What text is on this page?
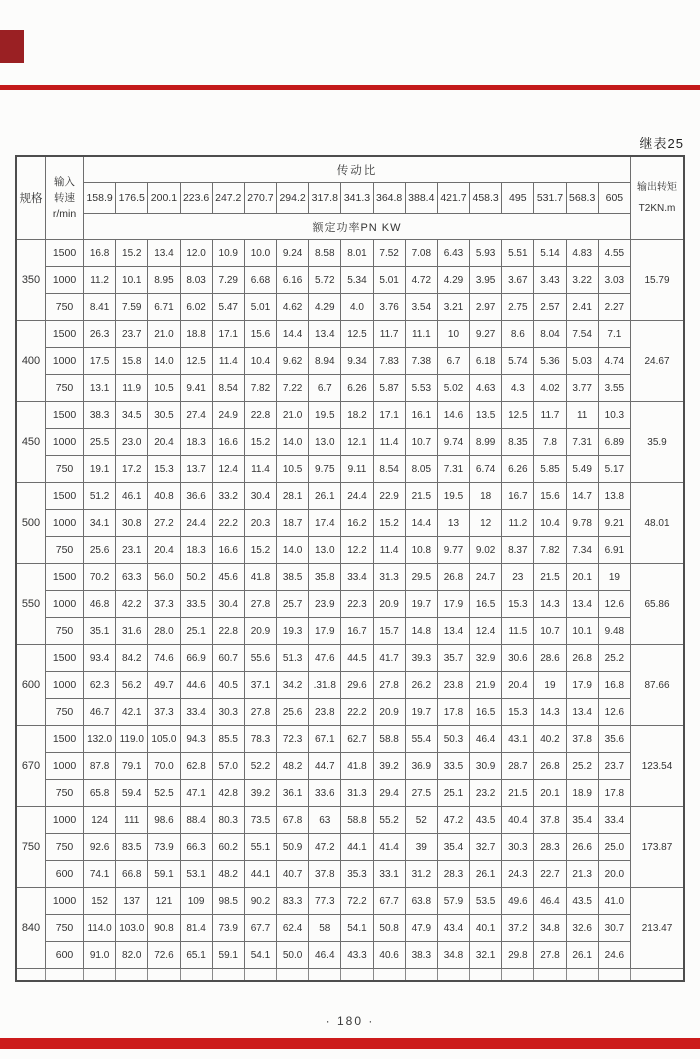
继表25
规格	输入
转速
r/min	传动比																	输出转矩
T2KN.m

		158.9	176.5	200.1	223.6	247.2	270.7	294.2	317.8	341.3	364.8	388.4	421.7	458.3	495	531.7	568.3	605	
		额定功率PN KW																	
350	1500	16.8	15.2	13.4	12.0	10.9	10.0	9.24	8.58	8.01	7.52	7.08	6.43	5.93	5.51	5.14	4.83	4.55	15.79
	1000	11.2	10.1	8.95	8.03	7.29	6.68	6.16	5.72	5.34	5.01	4.72	4.29	3.95	3.67	3.43	3.22	3.03	
	750	8.41	7.59	6.71	6.02	5.47	5.01	4.62	4.29	4.0	3.76	3.54	3.21	2.97	2.75	2.57	2.41	2.27	
400	1500	26.3	23.7	21.0	18.8	17.1	15.6	14.4	13.4	12.5	11.7	11.1	10	9.27	8.6	8.04	7.54	7.1	24.67
	1000	17.5	15.8	14.0	12.5	11.4	10.4	9.62	8.94	9.34	7.83	7.38	6.7	6.18	5.74	5.36	5.03	4.74	
	750	13.1	11.9	10.5	9.41	8.54	7.82	7.22	6.7	6.26	5.87	5.53	5.02	4.63	4.3	4.02	3.77	3.55	
450	1500	38.3	34.5	30.5	27.4	24.9	22.8	21.0	19.5	18.2	17.1	16.1	14.6	13.5	12.5	11.7	11	10.3	35.9
	1000	25.5	23.0	20.4	18.3	16.6	15.2	14.0	13.0	12.1	11.4	10.7	9.74	8.99	8.35	7.8	7.31	6.89	
	750	19.1	17.2	15.3	13.7	12.4	11.4	10.5	9.75	9.11	8.54	8.05	7.31	6.74	6.26	5.85	5.49	5.17	
500	1500	51.2	46.1	40.8	36.6	33.2	30.4	28.1	26.1	24.4	22.9	21.5	19.5	18	16.7	15.6	14.7	13.8	48.01
	1000	34.1	30.8	27.2	24.4	22.2	20.3	18.7	17.4	16.2	15.2	14.4	13	12	11.2	10.4	9.78	9.21	
	750	25.6	23.1	20.4	18.3	16.6	15.2	14.0	13.0	12.2	11.4	10.8	9.77	9.02	8.37	7.82	7.34	6.91	
550	1500	70.2	63.3	56.0	50.2	45.6	41.8	38.5	35.8	33.4	31.3	29.5	26.8	24.7	23	21.5	20.1	19	65.86
	1000	46.8	42.2	37.3	33.5	30.4	27.8	25.7	23.9	22.3	20.9	19.7	17.9	16.5	15.3	14.3	13.4	12.6	
	750	35.1	31.6	28.0	25.1	22.8	20.9	19.3	17.9	16.7	15.7	14.8	13.4	12.4	11.5	10.7	10.1	9.48	
600	1500	93.4	84.2	74.6	66.9	60.7	55.6	51.3	47.6	44.5	41.7	39.3	35.7	32.9	30.6	28.6	26.8	25.2	87.66
	1000	62.3	56.2	49.7	44.6	40.5	37.1	34.2	.31.8	29.6	27.8	26.2	23.8	21.9	20.4	19	17.9	16.8	
	750	46.7	42.1	37.3	33.4	30.3	27.8	25.6	23.8	22.2	20.9	19.7	17.8	16.5	15.3	14.3	13.4	12.6	
670	1500	132.0	119.0	105.0	94.3	85.5	78.3	72.3	67.1	62.7	58.8	55.4	50.3	46.4	43.1	40.2	37.8	35.6	123.54
	1000	87.8	79.1	70.0	62.8	57.0	52.2	48.2	44.7	41.8	39.2	36.9	33.5	30.9	28.7	26.8	25.2	23.7	
	750	65.8	59.4	52.5	47.1	42.8	39.2	36.1	33.6	31.3	29.4	27.5	25.1	23.2	21.5	20.1	18.9	17.8	
750	1000	124	111	98.6	88.4	80.3	73.5	67.8	63	58.8	55.2	52	47.2	43.5	40.4	37.8	35.4	33.4	173.87
	750	92.6	83.5	73.9	66.3	60.2	55.1	50.9	47.2	44.1	41.4	39	35.4	32.7	30.3	28.3	26.6	25.0	
	600	74.1	66.8	59.1	53.1	48.2	44.1	40.7	37.8	35.3	33.1	31.2	28.3	26.1	24.3	22.7	21.3	20.0	
840	1000	152	137	121	109	98.5	90.2	83.3	77.3	72.2	67.7	63.8	57.9	53.5	49.6	46.4	43.5	41.0	213.47
	750	114.0	103.0	90.8	81.4	73.9	67.7	62.4	58	54.1	50.8	47.9	43.4	40.1	37.2	34.8	32.6	30.7	
	600	91.0	82.0	72.6	65.1	59.1	54.1	50.0	46.4	43.3	40.6	38.3	34.8	32.1	29.8	27.8	26.1	24.6	

· 180 ·
